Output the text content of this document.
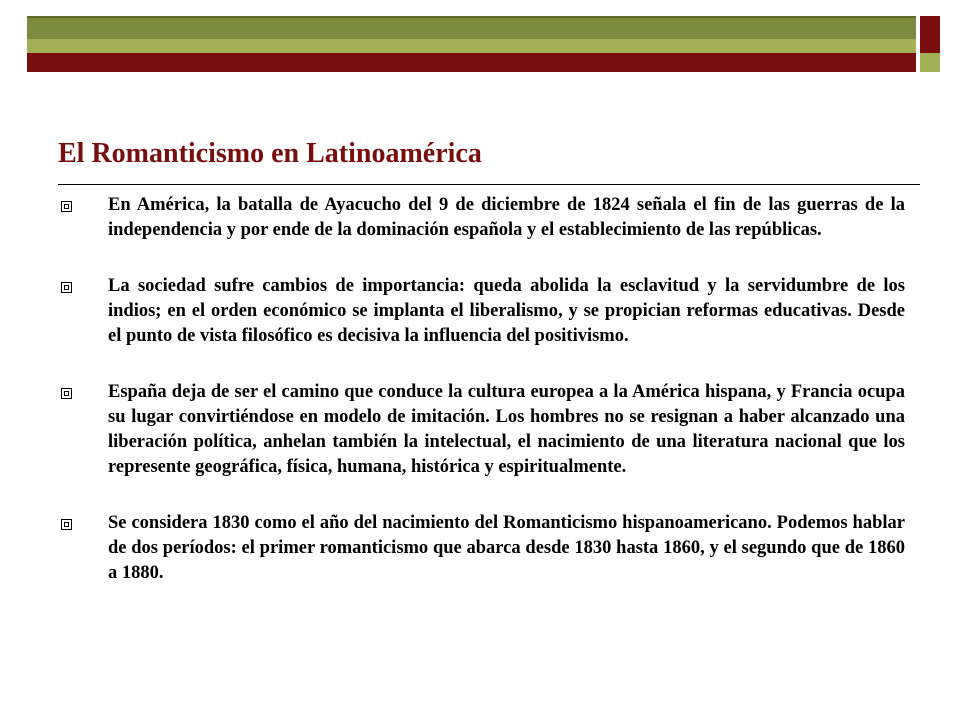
El Romanticismo en Latinoamérica
En América, la batalla de Ayacucho del 9 de diciembre de 1824 señala el fin de las guerras de la independencia y por ende de la dominación española y el establecimiento de las repúblicas.
La sociedad sufre cambios de importancia: queda abolida la esclavitud y la servidumbre de los indios; en el orden económico se implanta el liberalismo, y se propician reformas educativas. Desde el punto de vista filosófico es decisiva la influencia del positivismo.
España deja de ser el camino que conduce la cultura europea a la América hispana, y Francia ocupa su lugar convirtiéndose en modelo de imitación. Los hombres no se resignan a haber alcanzado una liberación política, anhelan también la intelectual, el nacimiento de una literatura nacional que los represente geográfica, física, humana, histórica y espiritualmente.
Se considera 1830 como el año del nacimiento del Romanticismo hispanoamericano. Podemos hablar de dos períodos: el primer romanticismo que abarca desde 1830 hasta 1860, y el segundo que de 1860 a 1880.
